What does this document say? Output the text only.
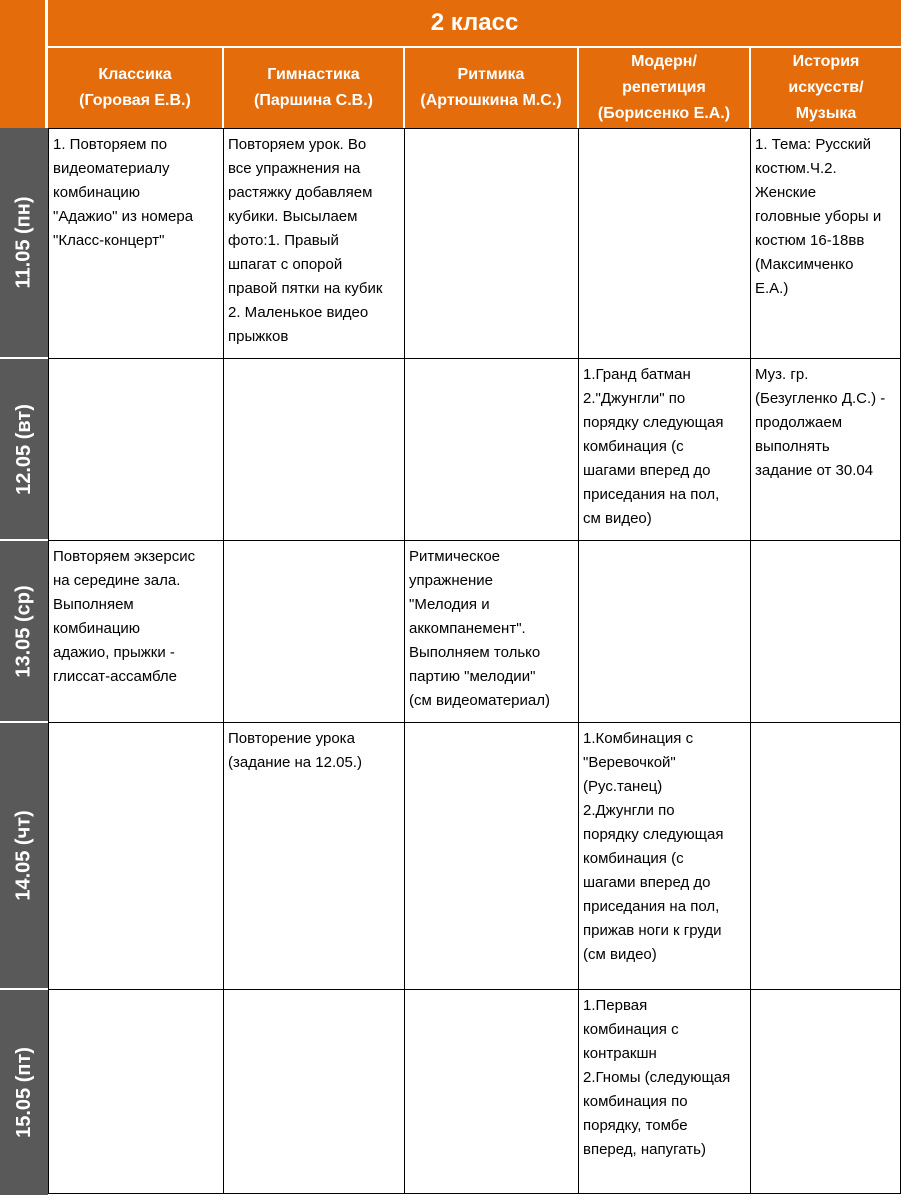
2 класс
Классика
(Горовая Е.В.)
Гимнастика
(Паршина С.В.)
Ритмика
(Артюшкина М.С.)
Модерн/
репетиция
(Борисенко Е.А.)
История
искусств/
Музыка
11.05 (пн)
12.05 (вт)
13.05 (ср)
14.05 (чт)
15.05 (пт)

1. Повторяем по
видеоматериалу
комбинацию
"Адажио" из номера
"Класс-концерт"

Повторяем урок. Во
все упражнения на
растяжку добавляем
кубики. Высылаем
фото:1. Правый
шпагат с опорой
правой пятки на кубик
2. Маленькое видео
прыжков

1. Тема: Русский
костюм.Ч.2.
Женские
головные уборы и
костюм 16-18вв
(Максимченко
Е.А.)

1.Гранд батман
2."Джунгли" по
порядку следующая
комбинация (с
шагами вперед до
приседания на пол,
см видео)

Муз. гр.
(Безугленко Д.С.) -
продолжаем
выполнять
задание от 30.04

Повторяем экзерсис
на середине зала.
Выполняем
комбинацию
адажио, прыжки -
глиссат-ассамбле

Ритмическое
упражнение
"Мелодия и
аккомпанемент".
Выполняем только
партию "мелодии"
(см видеоматериал)

Повторение урока
(задание на 12.05.)

1.Комбинация с
"Веревочкой"
(Рус.танец)
2.Джунгли по
порядку следующая
комбинация (с
шагами вперед до
приседания на пол,
прижав ноги к груди
(см видео)

1.Первая
комбинация с
контракшн
2.Гномы (следующая
комбинация по
порядку, томбе
вперед, напугать)
